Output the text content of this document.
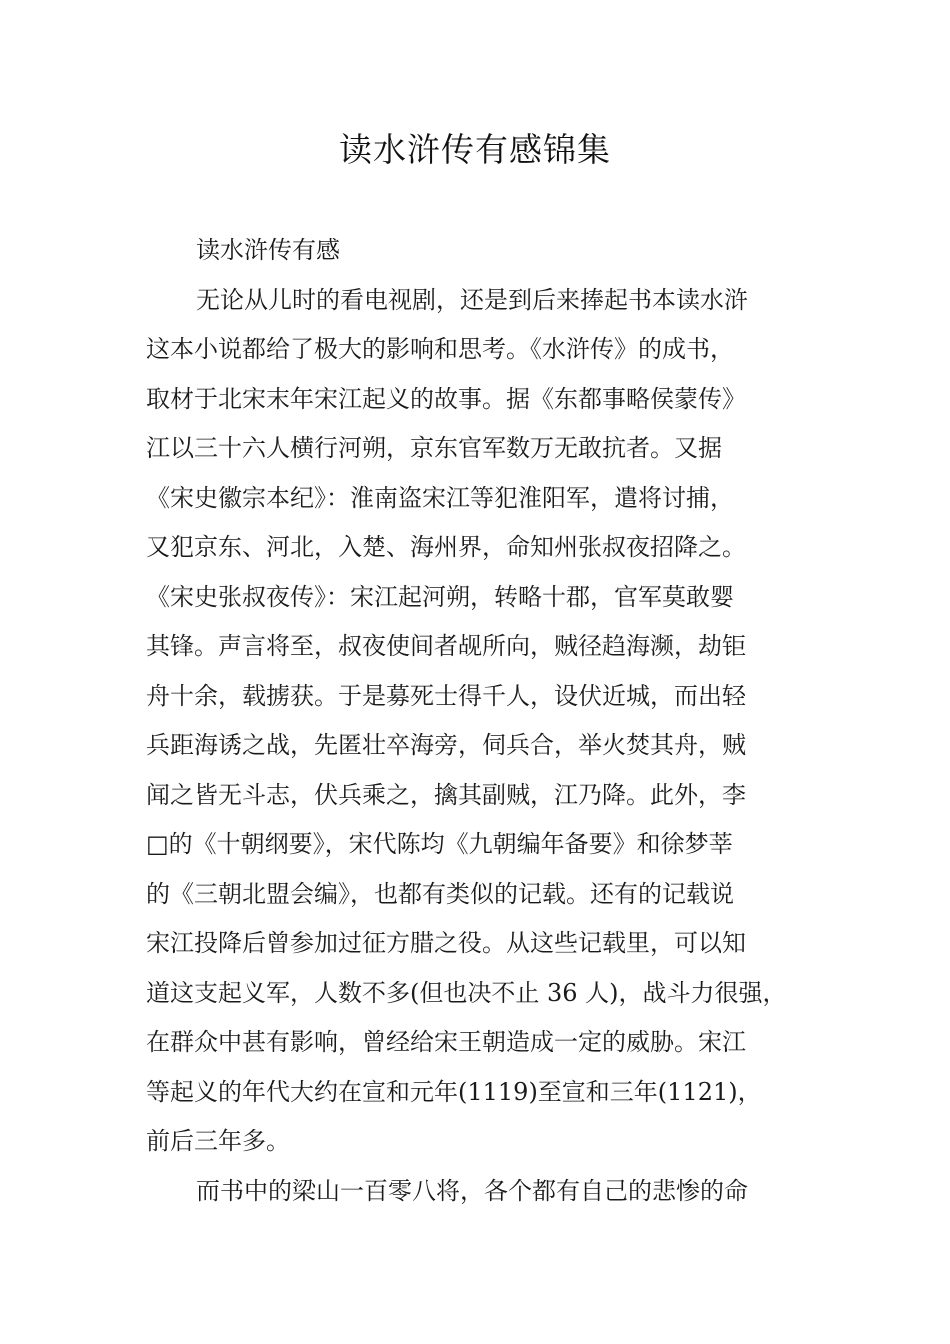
读水浒传有感锦集
读水浒传有感
无论从儿时的看电视剧，还是到后来捧起书本读水浒
这本小说都给了极大的影响和思考。《水浒传》的成书，
取材于北宋末年宋江起义的故事。据《东都事略侯蒙传》
江以三十六人横行河朔，京东官军数万无敢抗者。又据
《宋史徽宗本纪》：淮南盗宋江等犯淮阳军，遣将讨捕，
又犯京东、河北，入楚、海州界，命知州张叔夜招降之。
《宋史张叔夜传》：宋江起河朔，转略十郡，官军莫敢婴
其锋。声言将至，叔夜使间者觇所向，贼径趋海濒，劫钜
舟十余，载掳获。于是募死士得千人，设伏近城，而出轻
兵距海诱之战，先匿壮卒海旁，伺兵合，举火焚其舟，贼
闻之皆无斗志，伏兵乘之，擒其副贼，江乃降。此外，李
□的《十朝纲要》，宋代陈均《九朝编年备要》和徐梦莘
的《三朝北盟会编》，也都有类似的记载。还有的记载说
宋江投降后曾参加过征方腊之役。从这些记载里，可以知
道这支起义军，人数不多(但也决不止 36 人)，战斗力很强，
在群众中甚有影响，曾经给宋王朝造成一定的威胁。宋江
等起义的年代大约在宣和元年(1119)至宣和三年(1121)，
前后三年多。
而书中的梁山一百零八将，各个都有自己的悲惨的命
